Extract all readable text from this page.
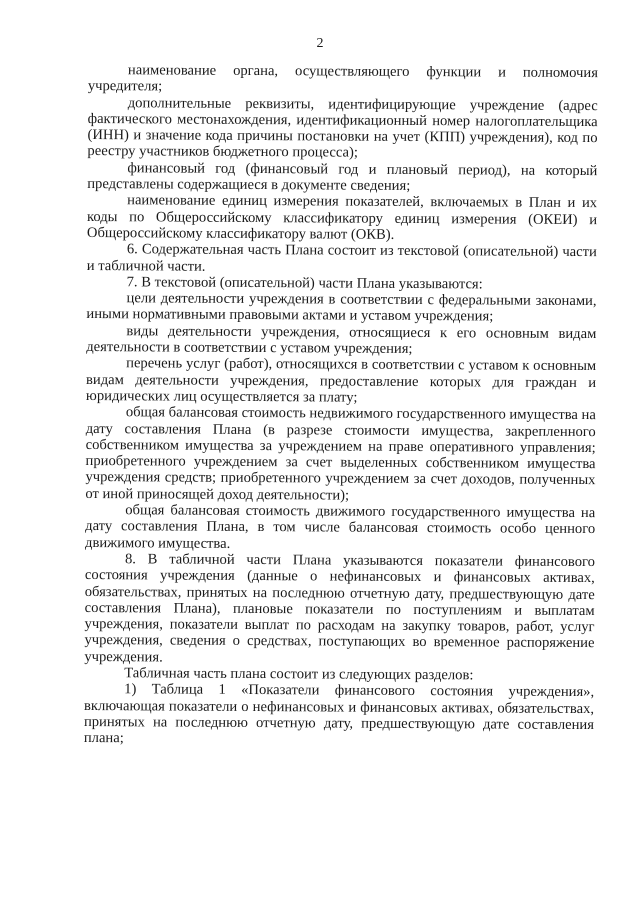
2

наименование органа, осуществляющего функции и полномочия учредителя;

дополнительные реквизиты, идентифицирующие учреждение (адрес фактического местонахождения, идентификационный номер налогоплательщика (ИНН) и значение кода причины постановки на учет (КПП) учреждения), код по реестру участников бюджетного процесса);

финансовый год (финансовый год и плановый период), на который представлены содержащиеся в документе сведения;

наименование единиц измерения показателей, включаемых в План и их коды по Общероссийскому классификатору единиц измерения (ОКЕИ) и Общероссийскому классификатору валют (ОКВ).

6. Содержательная часть Плана состоит из текстовой (описательной) части и табличной части.

7. В текстовой (описательной) части Плана указываются:

цели деятельности учреждения в соответствии с федеральными законами, иными нормативными правовыми актами и уставом учреждения;

виды деятельности учреждения, относящиеся к его основным видам деятельности в соответствии с уставом учреждения;

перечень услуг (работ), относящихся в соответствии с уставом к основным видам деятельности учреждения, предоставление которых для граждан и юридических лиц осуществляется за плату;

общая балансовая стоимость недвижимого государственного имущества на дату составления Плана (в разрезе стоимости имущества, закрепленного собственником имущества за учреждением на праве оперативного управления; приобретенного учреждением за счет выделенных собственником имущества учреждения средств; приобретенного учреждением за счет доходов, полученных от иной приносящей доход деятельности);

общая балансовая стоимость движимого государственного имущества на дату составления Плана, в том числе балансовая стоимость особо ценного движимого имущества.

8. В табличной части Плана указываются показатели финансового состояния учреждения (данные о нефинансовых и финансовых активах, обязательствах, принятых на последнюю отчетную дату, предшествующую дате составления Плана), плановые показатели по поступлениям и выплатам учреждения, показатели выплат по расходам на закупку товаров, работ, услуг учреждения, сведения о средствах, поступающих во временное распоряжение учреждения.

Табличная часть плана состоит из следующих разделов:

1) Таблица 1 «Показатели финансового состояния учреждения», включающая показатели о нефинансовых и финансовых активах, обязательствах, принятых на последнюю отчетную дату, предшествующую дате составления плана;
